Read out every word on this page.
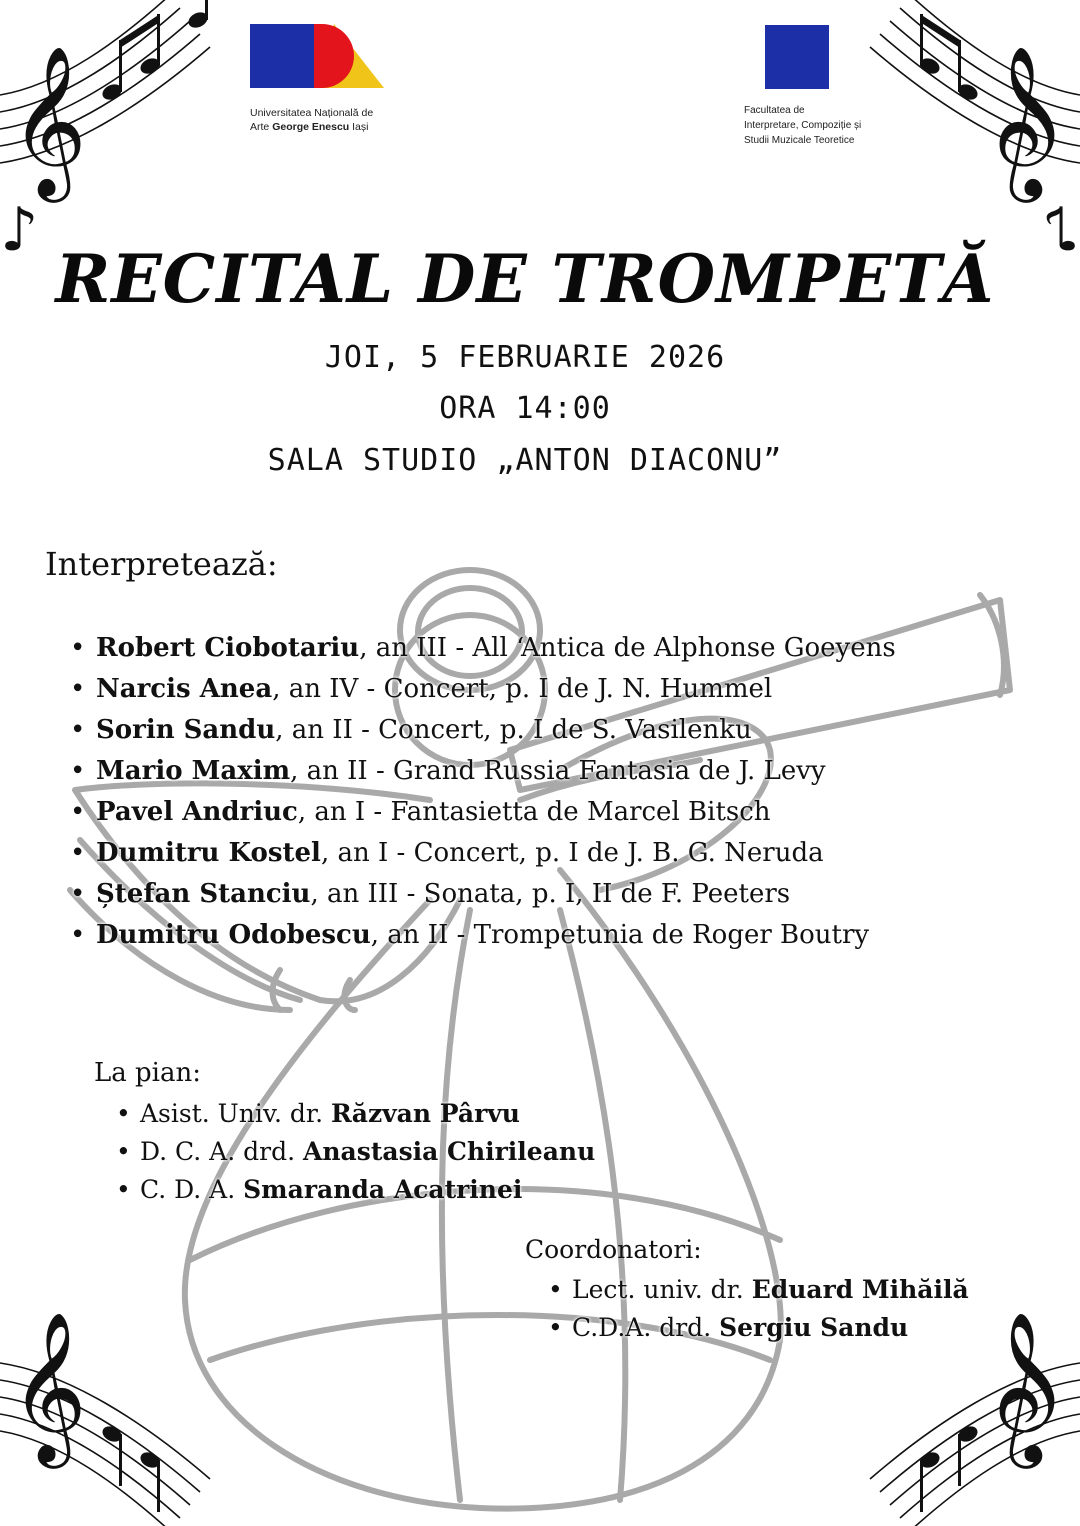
𝄞
♪
𝄞
♪
𝄞	𝄞
Universitatea Națională de
Arte George Enescu Iași
Facultatea de
Interpretare, Compoziție și
Studii Muzicale Teoretice
RECITAL DE TROMPETĂ
JOI, 5 FEBRUARIE 2026
ORA 14:00
SALA STUDIO „ANTON DIACONU”
Interpretează:
• Robert Ciobotariu, an III - All ‘Antica de Alphonse Goeyens
• Narcis Anea, an IV - Concert, p. I de J. N. Hummel
• Sorin Sandu, an II - Concert, p. I de S. Vasilenku
• Mario Maxim, an II - Grand Russia Fantasia de J. Levy
• Pavel Andriuc, an I - Fantasietta de Marcel Bitsch
• Dumitru Kostel, an I - Concert, p. I de J. B. G. Neruda
• Ștefan Stanciu, an III - Sonata, p. I, II de F. Peeters
• Dumitru Odobescu, an II - Trompetunia de Roger Boutry
La pian:
• Asist. Univ. dr. Răzvan Pârvu
• D. C. A. drd. Anastasia Chirileanu
• C. D. A. Smaranda Acatrinei
Coordonatori:
• Lect. univ. dr. Eduard Mihăilă
• C.D.A. drd. Sergiu Sandu
